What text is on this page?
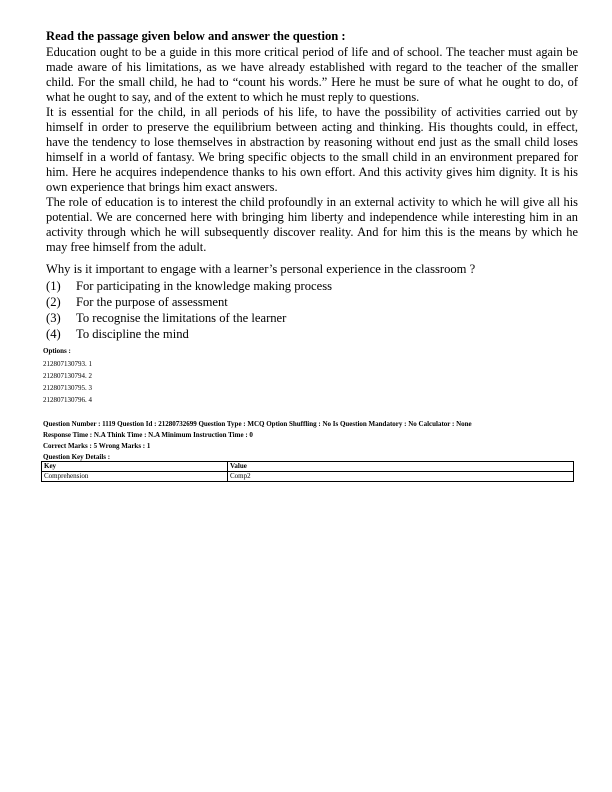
Read the passage given below and answer the question :

Education ought to be a guide in this more critical period of life and of school. The teacher must again be made aware of his limitations, as we have already established with regard to the teacher of the smaller child. For the small child, he had to “count his words.” Here he must be sure of what he ought to do, of what he ought to say, and of the extent to which he must reply to questions.

It is essential for the child, in all periods of his life, to have the possibility of activities carried out by himself in order to preserve the equilibrium between acting and thinking. His thoughts could, in effect, have the tendency to lose themselves in abstraction by reasoning without end just as the small child loses himself in a world of fantasy. We bring specific objects to the small child in an environment prepared for him. Here he acquires independence thanks to his own effort. And this activity gives him dignity. It is his own experience that brings him exact answers.

The role of education is to interest the child profoundly in an external activity to which he will give all his potential. We are concerned here with bringing him liberty and independence while interesting him in an activity through which he will subsequently discover reality. And for him this is the means by which he may free himself from the adult.

Why is it important to engage with a learner’s personal experience in the classroom ?
(1) For participating in the knowledge making process
(2) For the purpose of assessment
(3) To recognise the limitations of the learner
(4) To discipline the mind
Options :
212807130793. 1
212807130794. 2
212807130795. 3
212807130796. 4
Question Number : 1119 Question Id : 21280732699 Question Type : MCQ Option Shuffling : No Is Question Mandatory : No Calculator : None
Response Time : N.A Think Time : N.A Minimum Instruction Time : 0
Correct Marks : 5 Wrong Marks : 1
Question Key Details :
Key	Value
Comprehension	Comp2
